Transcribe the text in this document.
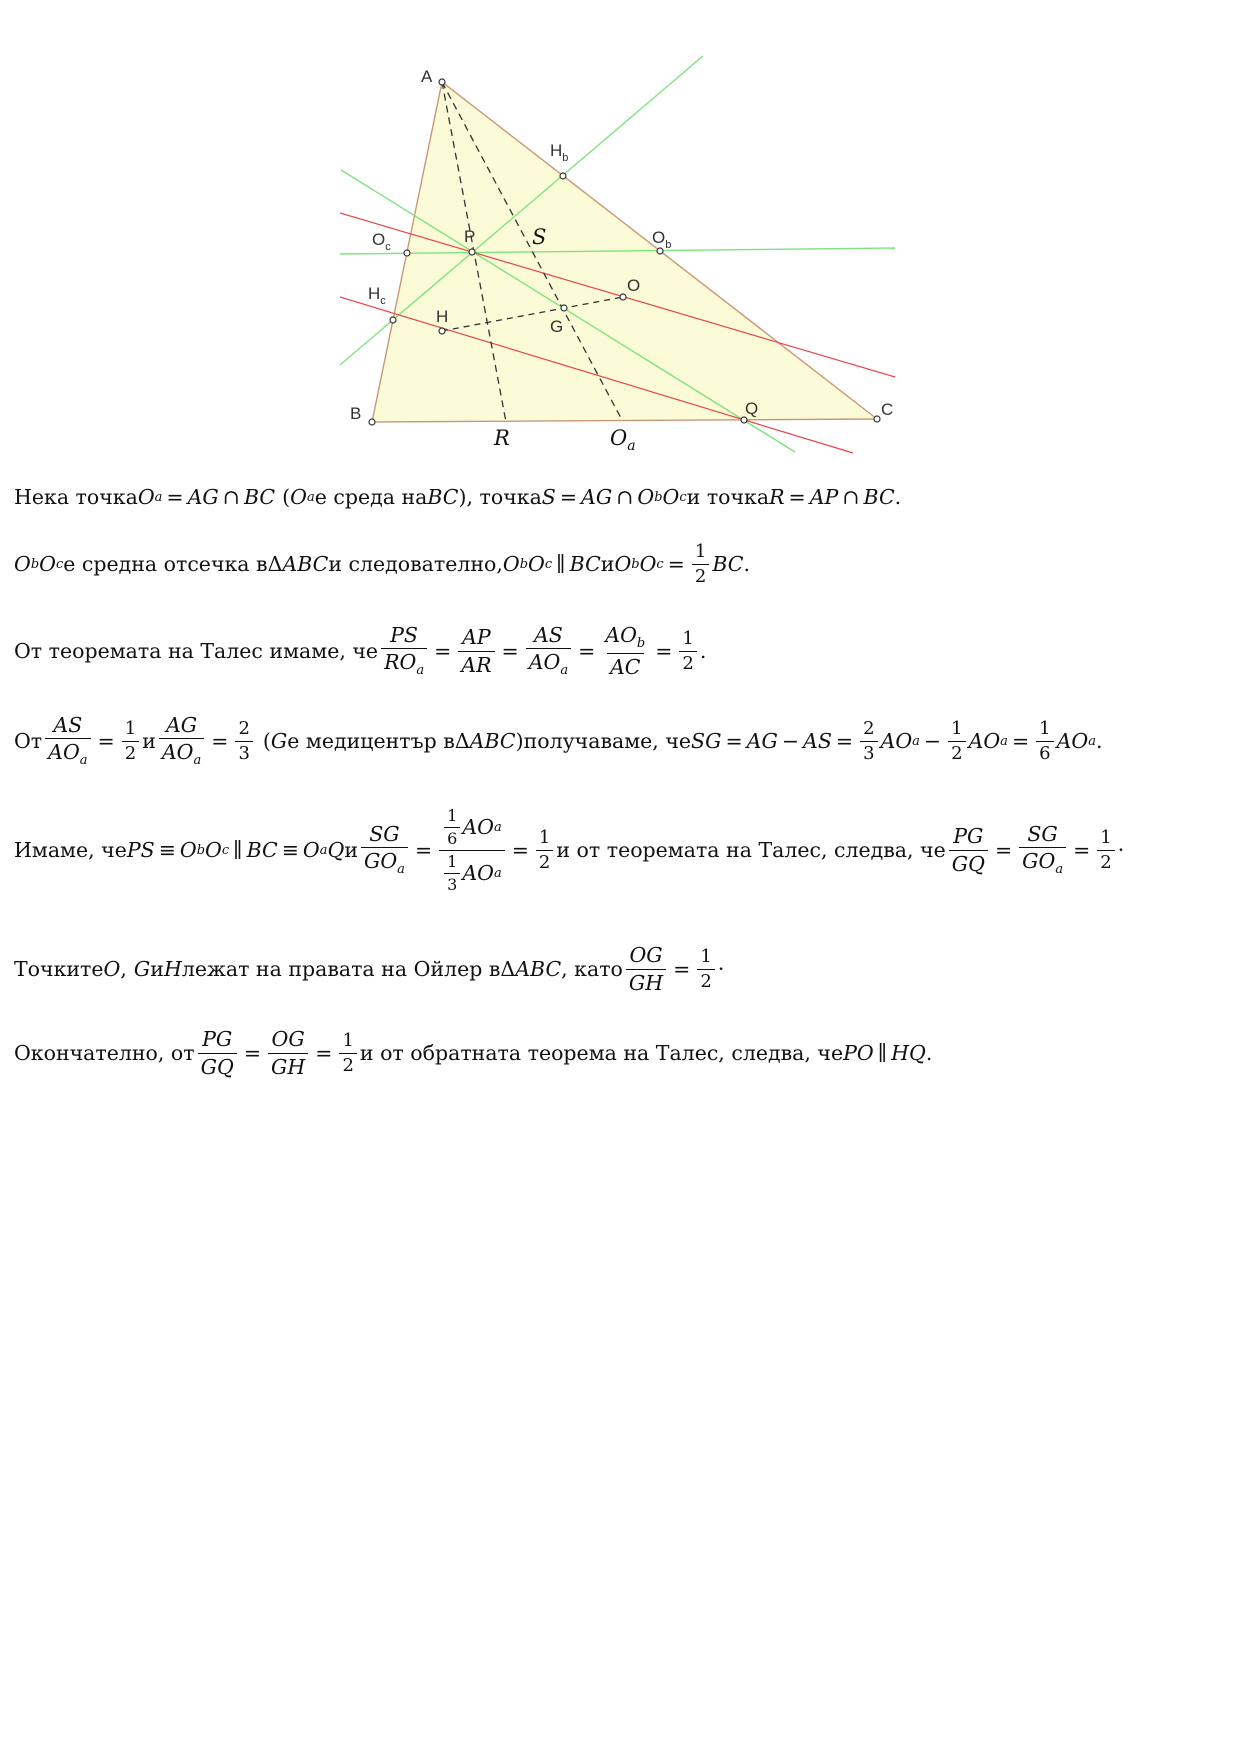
A
B	C
$H_b$
$O_c$	$O_b$
$H_c$
P
O
H
G
Q
S
R	$O_a$
Нека точка O a = AG ∩ BC ( O a е среда на BC ) , точка S = AG ∩ O b O c и точка R = AP ∩ BC .
O b O c е средна отсечка в Δ ABC и следователно, O b O c ∥ BC и O b O $c = \frac{1}{2}$ BC .
От теоремата на Талес имаме, че $\frac{PS}{RO_a} = \frac{AP}{AR} = \frac{AS}{AO_a} = \frac{AO_b}{AC} = \frac{1}{2}$ .
От $\frac{AS}{AO_a} = \frac{1}{2}$ и $\frac{AG}{AO_a} = \frac{2}{3}$ ( G е медицентър в Δ ABC ) получаваме, че SG = AG − AS = $\frac{2}{3}$ AO $a - \frac{1}{2}$ AO $a = \frac{1}{6}$ AO a .
Имаме, че PS ≡ O b O c ∥ BC ≡ O a Q и $\frac{SG}{GO_a} = \frac{\frac{1}{6} AO a}{\frac{1}{3} AO a} = \frac{1}{2}$ и от теоремата на Талес, следва, че $\frac{PG}{GQ} = \frac{SG}{GO_a} = \frac{1}{2}$ ·
Точките O , G и H лежат на правата на Ойлер в Δ ABC , като $\frac{OG}{GH} = \frac{1}{2}$ ·
Окончателно, от $\frac{PG}{GQ} = \frac{OG}{GH} = \frac{1}{2}$ и от обратната теорема на Талес, следва, че PO ∥ HQ .
